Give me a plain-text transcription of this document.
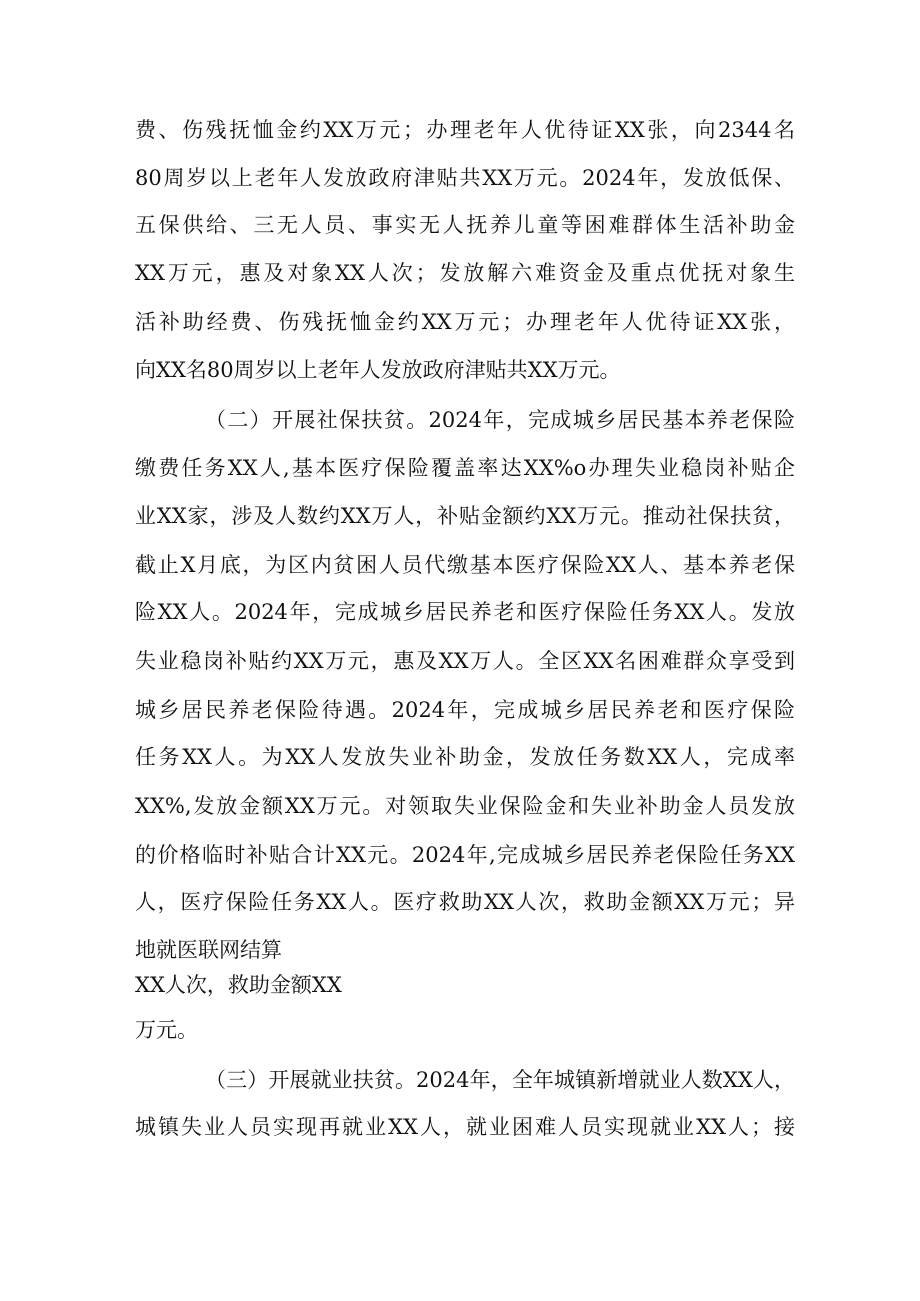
费、伤残抚恤金约XX万元；办理老年人优待证XX张，向2344名
80周岁以上老年人发放政府津贴共XX万元。2024年，发放低保、
五保供给、三无人员、事实无人抚养儿童等困难群体生活补助金
XX万元，惠及对象XX人次；发放解六难资金及重点优抚对象生
活补助经费、伤残抚恤金约XX万元；办理老年人优待证XX张，
向XX名80周岁以上老年人发放政府津贴共XX万元。
（二）开展社保扶贫。2024年，完成城乡居民基本养老保险
缴费任务XX人,基本医疗保险覆盖率达XX%o办理失业稳岗补贴企
业XX家，涉及人数约XX万人，补贴金额约XX万元。推动社保扶贫，
截止X月底，为区内贫困人员代缴基本医疗保险XX人、基本养老保
险XX人。2024年，完成城乡居民养老和医疗保险任务XX人。发放
失业稳岗补贴约XX万元，惠及XX万人。全区XX名困难群众享受到
城乡居民养老保险待遇。2024年，完成城乡居民养老和医疗保险
任务XX人。为XX人发放失业补助金，发放任务数XX人，完成率
XX%,发放金额XX万元。对领取失业保险金和失业补助金人员发放
的价格临时补贴合计XX元。2024年,完成城乡居民养老保险任务XX
人，医疗保险任务XX人。医疗救助XX人次，救助金额XX万元；异
地就医联网结算
XX人次，救助金额XX
万元。
（三）开展就业扶贫。2024年，全年城镇新增就业人数XX人，
城镇失业人员实现再就业XX人，就业困难人员实现就业XX人；接
